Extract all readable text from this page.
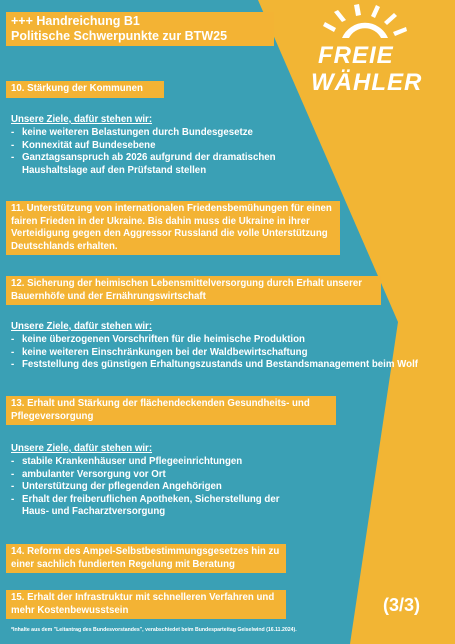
FREIE
WÄHLER
+++ Handreichung B1
Politische Schwerpunkte zur BTW25
10. Stärkung der Kommunen
Unsere Ziele, dafür stehen wir:
- keine weiteren Belastungen durch Bundesgesetze
- Konnexität auf Bundesebene
- Ganztagsanspruch ab 2026 aufgrund der dramatischen Haushaltslage auf den Prüfstand stellen
11. Unterstützung von internationalen Friedensbemühungen für einen fairen Frieden in der Ukraine. Bis dahin muss die Ukraine in ihrer Verteidigung gegen den Aggressor Russland die volle Unterstützung Deutschlands erhalten.
12. Sicherung der heimischen Lebensmittelversorgung durch Erhalt unserer Bauernhöfe und der Ernährungswirtschaft
Unsere Ziele, dafür stehen wir:
- keine überzogenen Vorschriften für die heimische Produktion
- keine weiteren Einschränkungen bei der Waldbewirtschaftung
- Feststellung des günstigen Erhaltungszustands und Bestandsmanagement beim Wolf
13. Erhalt und Stärkung der flächendeckenden Gesundheits- und Pflegeversorgung
Unsere Ziele, dafür stehen wir:
- stabile Krankenhäuser und Pflegeeinrichtungen
- ambulanter Versorgung vor Ort
- Unterstützung der pflegenden Angehörigen
- Erhalt der freiberuflichen Apotheken, Sicherstellung der Haus- und Facharztversorgung
14. Reform des Ampel-Selbstbestimmungsgesetzes hin zu einer sachlich fundierten Regelung mit Beratung
15. Erhalt der Infrastruktur mit schnelleren Verfahren und mehr Kostenbewusstsein	(3/3)
*Inhalte aus dem "Leitantrag des Bundesvorstandes", verabschiedet beim Bundesparteitag Geiselwind (16.11.2024).
